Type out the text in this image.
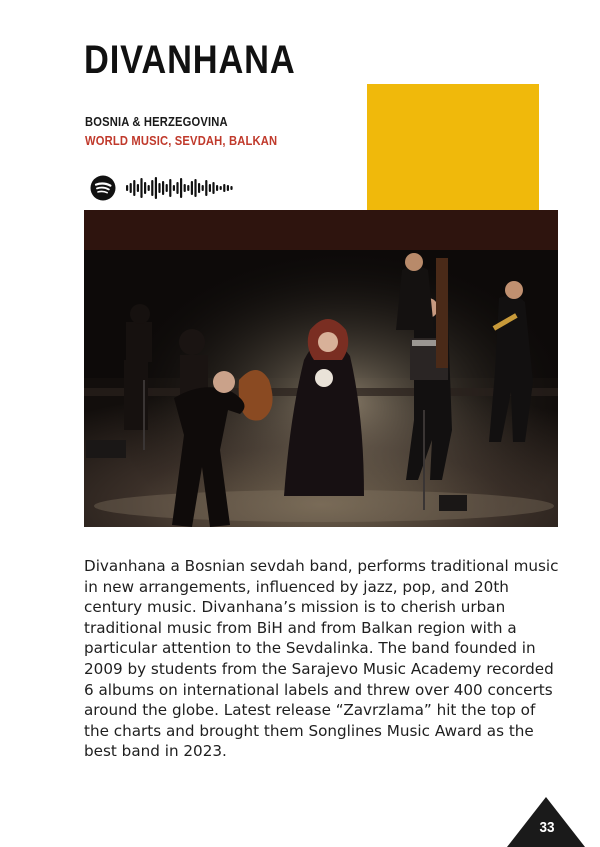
DIVANHANA
BOSNIA & HERZEGOVINA
WORLD MUSIC, SEVDAH, BALKAN

Divanhana a Bosnian sevdah band, performs traditional music in new arrangements, influenced by jazz, pop, and 20th century music. Divanhana’s mission is to cherish urban traditional music from BiH and from Balkan region with a particular attention to the Sevdalinka. The band founded in 2009 by students from the Sarajevo Music Academy recorded 6 albums on international labels and threw over 400 concerts around the globe. Latest release “Zavrzlama” hit the top of the charts and brought them Songlines Music Award as the best band in 2023.

33
